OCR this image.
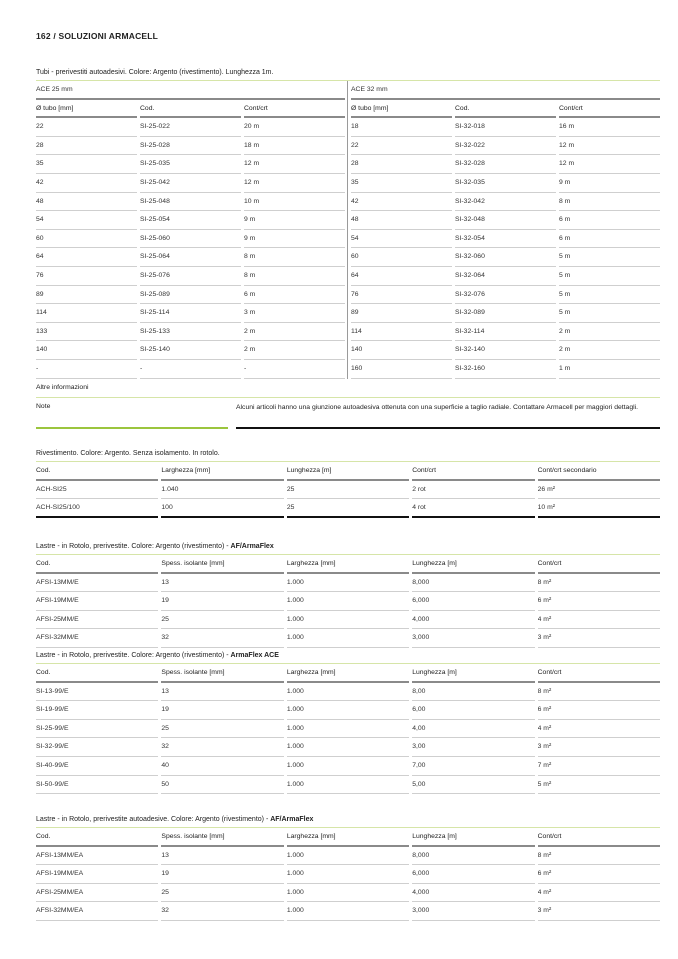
162 / SOLUZIONI ARMACELL
Tubi - prerivestiti autoadesivi. Colore: Argento (rivestimento). Lunghezza 1m.
ACE 25 mm
Ø tubo [mm]	Cod.	Cont/crt
22	SI-25-022	20 m
28	SI-25-028	18 m
35	SI-25-035	12 m
42	SI-25-042	12 m
48	SI-25-048	10 m
54	SI-25-054	9 m
60	SI-25-060	9 m
64	SI-25-064	8 m
76	SI-25-076	8 m
89	SI-25-089	6 m
114	SI-25-114	3 m
133	SI-25-133	2 m
140	SI-25-140	2 m
-	-	-
ACE 32 mm
Ø tubo [mm]	Cod.	Cont/crt
18	SI-32-018	16 m
22	SI-32-022	12 m
28	SI-32-028	12 m
35	SI-32-035	9 m
42	SI-32-042	8 m
48	SI-32-048	6 m
54	SI-32-054	6 m
60	SI-32-060	5 m
64	SI-32-064	5 m
76	SI-32-076	5 m
89	SI-32-089	5 m
114	SI-32-114	2 m
140	SI-32-140	2 m
160	SI-32-160	1 m
Altre informazioni
Note	Alcuni articoli hanno una giunzione autoadesiva ottenuta con una superficie a taglio radiale. Contattare Armacell per maggiori dettagli.
Rivestimento. Colore: Argento. Senza isolamento. In rotolo.
Cod.	Larghezza [mm]	Lunghezza [m]	Cont/crt	Cont/crt secondario
ACH-SI25	1.040	25	2 rot	26 m²
ACH-SI25/100	100	25	4 rot	10 m²
Lastre - in Rotolo, prerivestite. Colore: Argento (rivestimento) - AF/ArmaFlex
Cod.	Spess. isolante [mm]	Larghezza [mm]	Lunghezza [m]	Cont/crt
AFSI-13MM/E	13	1.000	8,000	8 m²
AFSI-19MM/E	19	1.000	6,000	6 m²
AFSI-25MM/E	25	1.000	4,000	4 m²
AFSI-32MM/E	32	1.000	3,000	3 m²
Lastre - in Rotolo, prerivestite. Colore: Argento (rivestimento) - ArmaFlex ACE
Cod.	Spess. isolante [mm]	Larghezza [mm]	Lunghezza [m]	Cont/crt
SI-13-99/E	13	1.000	8,00	8 m²
SI-19-99/E	19	1.000	6,00	6 m²
SI-25-99/E	25	1.000	4,00	4 m²
SI-32-99/E	32	1.000	3,00	3 m²
SI-40-99/E	40	1.000	7,00	7 m²
SI-50-99/E	50	1.000	5,00	5 m²
Lastre - in Rotolo, prerivestite autoadesive. Colore: Argento (rivestimento) - AF/ArmaFlex
Cod.	Spess. isolante [mm]	Larghezza [mm]	Lunghezza [m]	Cont/crt
AFSI-13MM/EA	13	1.000	8,000	8 m²
AFSI-19MM/EA	19	1.000	6,000	6 m²
AFSI-25MM/EA	25	1.000	4,000	4 m²
AFSI-32MM/EA	32	1.000	3,000	3 m²
